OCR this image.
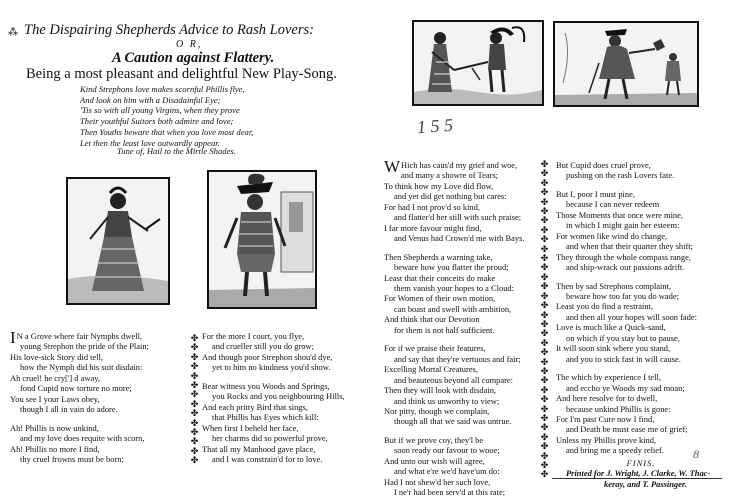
⁂ The Dispairing Shepherds Advice to Rash Lovers:
O R,
A Caution against Flattery.
Being a most pleasant and delightful New Play-Song.
Kind Strephons love makes scornful Phillis flye,
And look on him with a Disadainful Eye;
'Tis so with all young Virgins, when they prove
Their youthful Suitors both admire and love;
Then Youths beware that when you love most dear,
Let then the least love outwardly appear.
Tune of, Hail to the Mirtle Shades.
1 5 5
8
I N a Grove where fair Nymphs dwell,
young Strephon the pride of the Plain;
His love-sick Story did tell,
how the Nymph did his suit disdain:
Ah cruel! he cry['] d away,
fond Cupid now torture no more;
You see I your Laws obey,
though I all in vain do adore.
Ah! Phillis is now unkind,
and my love does requite with scorn,
Ah! Phillis no more I find,
thy cruel frowns must be born;
✤
✤
✤
✤
✤
✤
✤
✤
✤
✤
✤
✤
✤
✤
For the more I court, you flye,
and crueller still you do grow;
And though poor Strephon shou'd dye,
yet to him no kindness you'd show.
Bear witness you Woods and Springs,
you Rocks and you neighbouring Hills,
And each pritty Bird that sings,
that Phillis has Eyes which kill:
When first I beheld her face,
her charms did so powerful prove,
That all my Manhood gave place,
and I was constrain'd for to love.
W Hich has caus'd my grief and woe,
and many a showre of Tears;
To think how my Love did flow,
and yet did get nothing but cares:
For had I not prov'd so kind,
and flatter'd her still with such praise;
I far more favour might find,
and Venus had Crown'd me with Bays.
Then Shepherds a warning take,
beware how you flatter the proud;
Least that their conceits do make
them vanish your hopes to a Cloud:
For Women of their own motion,
can boast and swell with ambition,
And think that our Devotion
for them is not half sufficient.
For if we praise their features,
and say that they're vertuous and fair;
Excelling Mortal Creatures,
and beauteous beyond all compare:
Then they will look with disdain,
and think us unworthy to view;
Nor pitty, though we complain,
though all that we said was untrue.
But if we prove coy, they'l be
soon ready our favour to wooe;
And unto our wish will agree,
and what e're we'd have'um do:
Had I not shew'd her such love,
I ne'r had been serv'd at this rate;
✤
✤
✤
✤
✤
✤
✤
✤
✤
✤
✤
✤
✤
✤
✤
✤
✤
✤
✤
✤
✤
✤
✤
✤
✤
✤
✤
✤
✤
✤
✤
✤
✤
✤
But Cupid does cruel prove,
pushing on the rash Lovers fate.
But I, poor I must pine,
because I can never redeem
Those Moments that once were mine,
in which I might gain her esteem:
For women like wind do change,
and when that their quarter they shift;
They through the whole compass range,
and ship-wrack our passions adrift.
Then by sad Strephons complaint,
beware how too far you do wade;
Least you do find a restraint,
and then all your hopes will soon fade:
Love is much like a Quick-sand,
on which if you stay but to pause,
It will soon sink where you stand,
and you to stick fast in will cause.
The which by experience I tell,
and eccho ye Woods my sad moan;
And here resolve for to dwell,
because unkind Phillis is gone:
For I'm past Cure now I find,
and Death be must ease me of grief;
Unless my Phillis prove kind,
and bring me a speedy relief.
FINIS.
Printed for J. Wright, J. Clarke, W. Thac-
keray, and T. Passinger.
